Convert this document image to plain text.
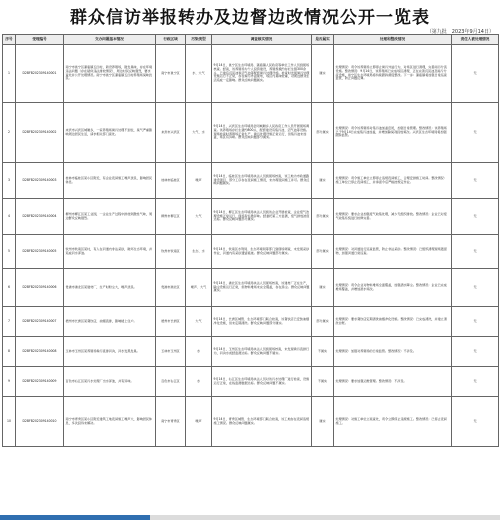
群众信访举报转办及边督边改情况公开一览表
（第九批　2023年9月14日）
序号	受理编号	交办问题基本情况	行政区域	污染类型	调查核实情况	是否属实	处理和整改情况	责任人被处理情况
1	D2BFB202309140001	南宁市邕宁区蒲庙镇五四村，新设养殖场，散发臭味，存在环境违法问题（存在疑似违法排放情况），周边村民反映强烈，要求查处并公开处理情况。南宁市邕宁区蒲庙镇五四村养殖场臭味扰民。	南宁市邕宁区	水、大气	9月14日，邕宁区生态环境局、蒲庙镇人民政府等单位工作人员到现场核查。经查，该养殖场为个人投资建设，养殖规模约存栏生猪300余头，已建有沉淀池和沼气池等配套粪污处理设施。检查时发现粪污处理设施运行不正常，存在粪污外溢现象，场区内臭味较重，对周边群众生活造成一定影响。群众反映问题属实。	属实	处理情况：责令该养殖场立即停止粪污外溢行为，对场区进行清理，完善雨污分流设施。整改情况：9月14日，该养殖场已完成场区清理，正在完善沉淀池及雨污分流设施，邕宁区生态环境局将持续跟踪督促整改。下一步：蒲庙镇将加强日常巡查监管，防止问题反弹。	无
2	D2BFB202309140002	来宾市兴宾区城厢乡，一家养殖场粪污处理不到位，臭气严重影响周边居民生活，请求相关部门查处。	来宾市兴宾区	大气、水	9月14日，兴宾区生态环境局会同城厢乡人民政府工作人员开展现场调查。该养殖场存栏生猪约800头，配套建设有集污池、沼气池等设施。现场检查时养殖场正常生产，粪污处理设施正常运行，但集污池未加盖，场区有异味。群众反映问题部分属实。	部分属实	处理情况：责令该养殖场对集污池加盖密闭，加强日常管理。整改情况：该养殖场已于9月14日完成集污池加盖，并增加除臭剂投放频次。兴宾区生态环境局将加强跟踪监管。	无
3	D2BFB202309140003	桂林市临桂区某小区附近，有企业夜间施工噪声扰民，影响居民休息。	桂林市临桂区	噪声	9月14日，临桂区生态环境局执法人员到现场核查，该工地为市政道路建设项目，部分工序存在夜间施工情况，未办理夜间施工许可。群众反映问题属实。	属实	处理情况：责令施工单位立即停止违规夜间施工，合理安排施工时间。整改情况：施工单位已停止夜间施工，并承诺今后严格按规定作业。	无
4	D2BFB202309140004	柳州市柳江区某工业园，一企业生产过程中排放刺激性气味，周边群众反映强烈。	柳州市柳江区	大气	9月14日，柳江区生态环境局执法人员到该企业开展检查，企业废气治理设施正常运行，现场有轻微异味。经委托第三方监测，废气排放浓度达标。群众反映问题部分属实。	部分属实	处理情况：要求企业加强废气收集处理，减少无组织排放。整改情况：企业已对废气收集系统进行检修完善。	无
5	D2BFB202309140005	钦州市钦南区某村，有人在河道内非法采砂，破坏生态环境，并造成河水浑浊。	钦州市钦南区	生态、水	9月14日，钦南区水利局、生态环境局等部门到现场调查，未发现采砂作业，河道内有采砂遗留痕迹。群众反映问题部分属实。	部分属实	处理情况：对河道进行巡查监管，防止非法采砂。整改情况：已组织清理现场遗留物，加强河道日常巡查。	无
6	D2BFB202309140006	贵港市港北区某建材厂，生产时粉尘大，噪声扰民。	贵港市港北区	噪声、大气	9月14日，港北区生态环境局执法人员现场核查，该建材厂正在生产，除尘设施运行正常，但物料堆场未完全覆盖，存在扬尘。群众反映问题属实。	属实	处理情况：责令企业对物料堆场全面覆盖，加强洒水降尘。整改情况：企业已完成堆场覆盖，并增加洒水频次。	无
7	D2BFB202309140007	梧州市长洲区某餐饮店，油烟直排，影响楼上住户。	梧州市长洲区	大气	9月14日，长洲区城管、生态环境部门联合检查，该餐饮店已安装油烟净化设施，但未定期清洗。群众反映问题部分属实。	部分属实	处理情况：要求餐饮店定期清洗油烟净化设施。整改情况：已完成清洗，并建立清洗台账。	无
8	D2BFB202309140008	玉林市玉州区某养殖场粪污直排河沟，河水发黑发臭。	玉林市玉州区	水	9月14日，玉州区生态环境局执法人员到现场核查，未发现粪污直排行为，河沟水质经监测达标。群众反映问题不属实。	不属实	处理情况：加强对养殖场的日常监管。整改情况：不涉及。	无
9	D2BFB202309140009	百色市右江区某污水处理厂出水浑浊，并有异味。	百色市右江区	水	9月14日，右江区生态环境局执法人员对该污水处理厂进行检查，设施运行正常，在线监测数据达标。群众反映问题不属实。	不属实	处理情况：要求加强运维管理。整改情况：不涉及。	无
10	D2BFB202309140010	南宁市青秀区某小区附近建筑工地夜间施工噪声大，影响居民休息，多次投诉未解决。	南宁市青秀区	噪声	9月14日，青秀区城管、生态环境部门联合检查，该工地存在夜间违规施工情况。群众反映问题属实。	属实	处理情况：对施工单位立案查处，责令立即停止违规施工。整改情况：已停止夜间施工。	无
